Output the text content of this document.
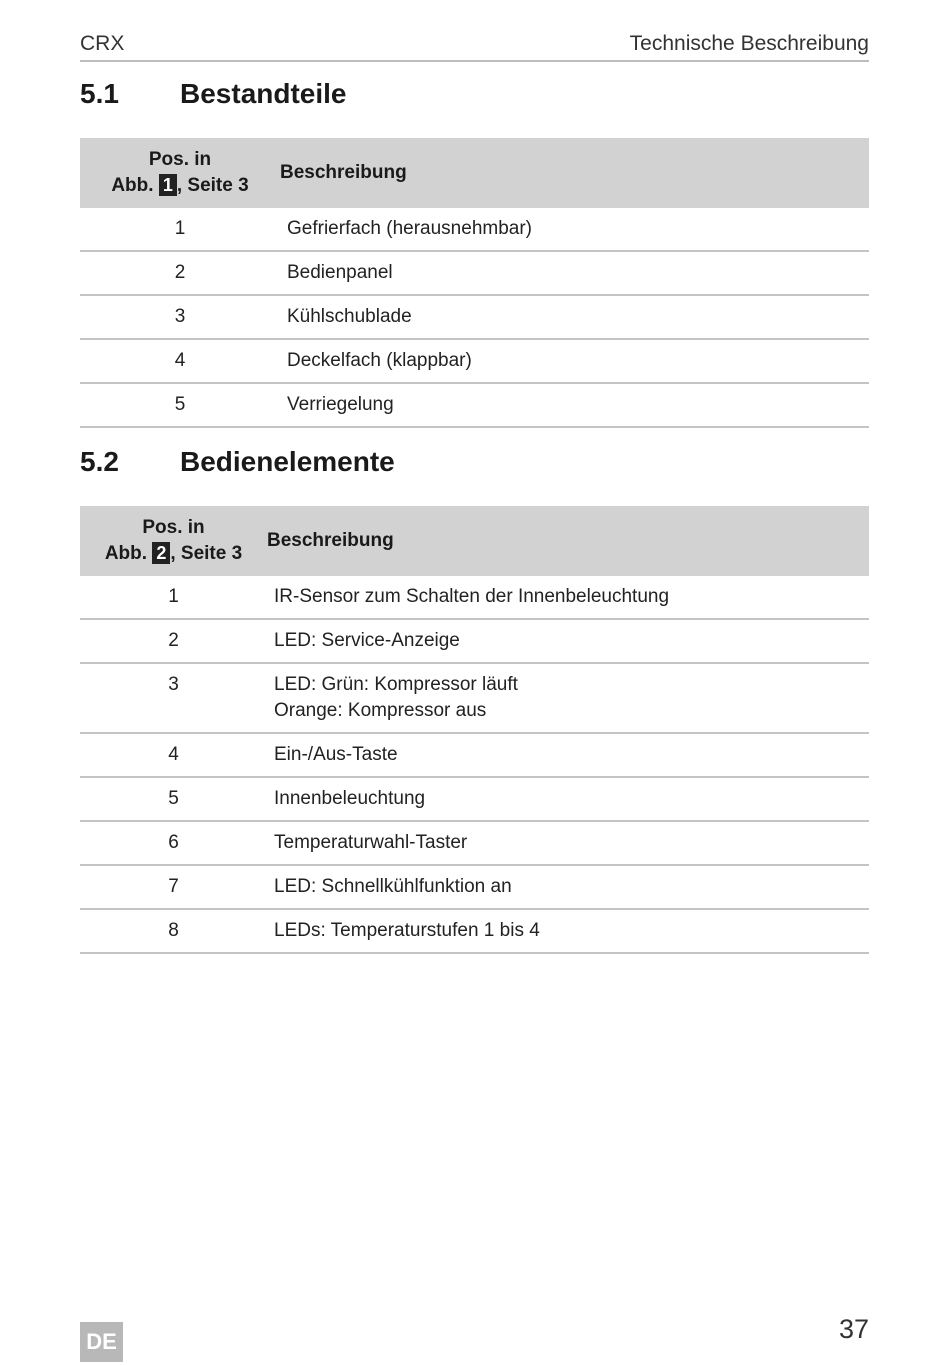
CRX	Technische Beschreibung
5.1 Bestandteile
Pos. in
Abb. 1 , Seite 3	Beschreibung
1	Gefrierfach (herausnehmbar)

2	Bedienpanel

3	Kühlschublade

4	Deckelfach (klappbar)

5	Verriegelung
5.2 Bedienelemente
Pos. in
Abb. 2 , Seite 3	Beschreibung
1	IR-Sensor zum Schalten der Innenbeleuchtung

2	LED: Service-Anzeige

3	LED: Grün: Kompressor läuft
Orange: Kompressor aus

4	Ein-/Aus-Taste

5	Innenbeleuchtung

6	Temperaturwahl-Taster

7	LED: Schnellkühlfunktion an

8	LEDs: Temperaturstufen 1 bis 4
DE	37
